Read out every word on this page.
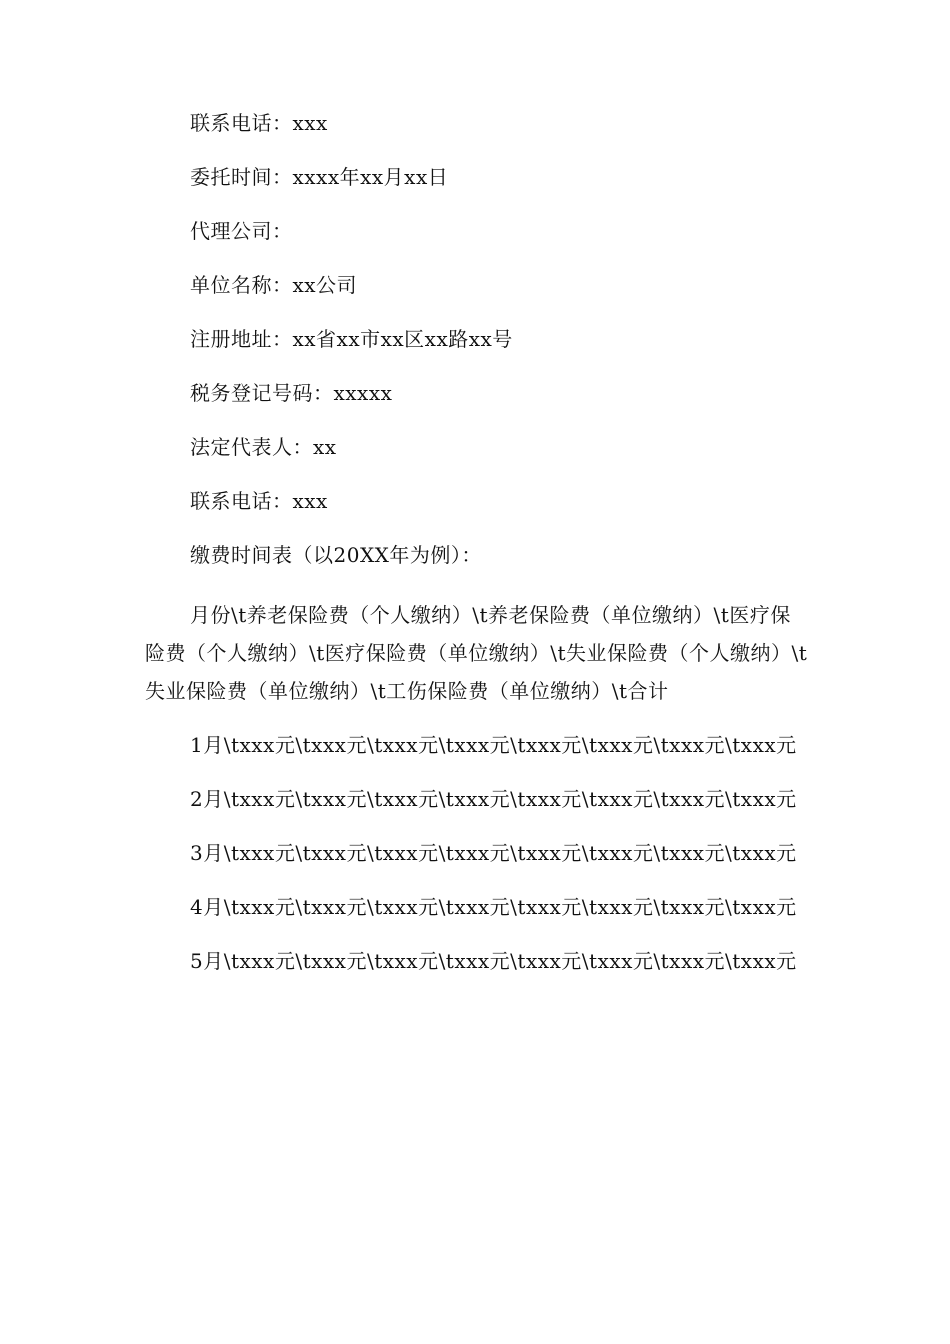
联系电话：xxx

委托时间：xxxx年xx月xx日

代理公司：

单位名称：xx公司

注册地址：xx省xx市xx区xx路xx号

税务登记号码：xxxxx

法定代表人：xx

联系电话：xxx

缴费时间表（以20XX年为例）：

月份\t养老保险费（个人缴纳）\t养老保险费（单位缴纳）\t医疗保险费（个人缴纳）\t医疗保险费（单位缴纳）\t失业保险费（个人缴纳）\t失业保险费（单位缴纳）\t工伤保险费（单位缴纳）\t合计

1月\txxx元\txxx元\txxx元\txxx元\txxx元\txxx元\txxx元\txxx元

2月\txxx元\txxx元\txxx元\txxx元\txxx元\txxx元\txxx元\txxx元

3月\txxx元\txxx元\txxx元\txxx元\txxx元\txxx元\txxx元\txxx元

4月\txxx元\txxx元\txxx元\txxx元\txxx元\txxx元\txxx元\txxx元

5月\txxx元\txxx元\txxx元\txxx元\txxx元\txxx元\txxx元\txxx元
